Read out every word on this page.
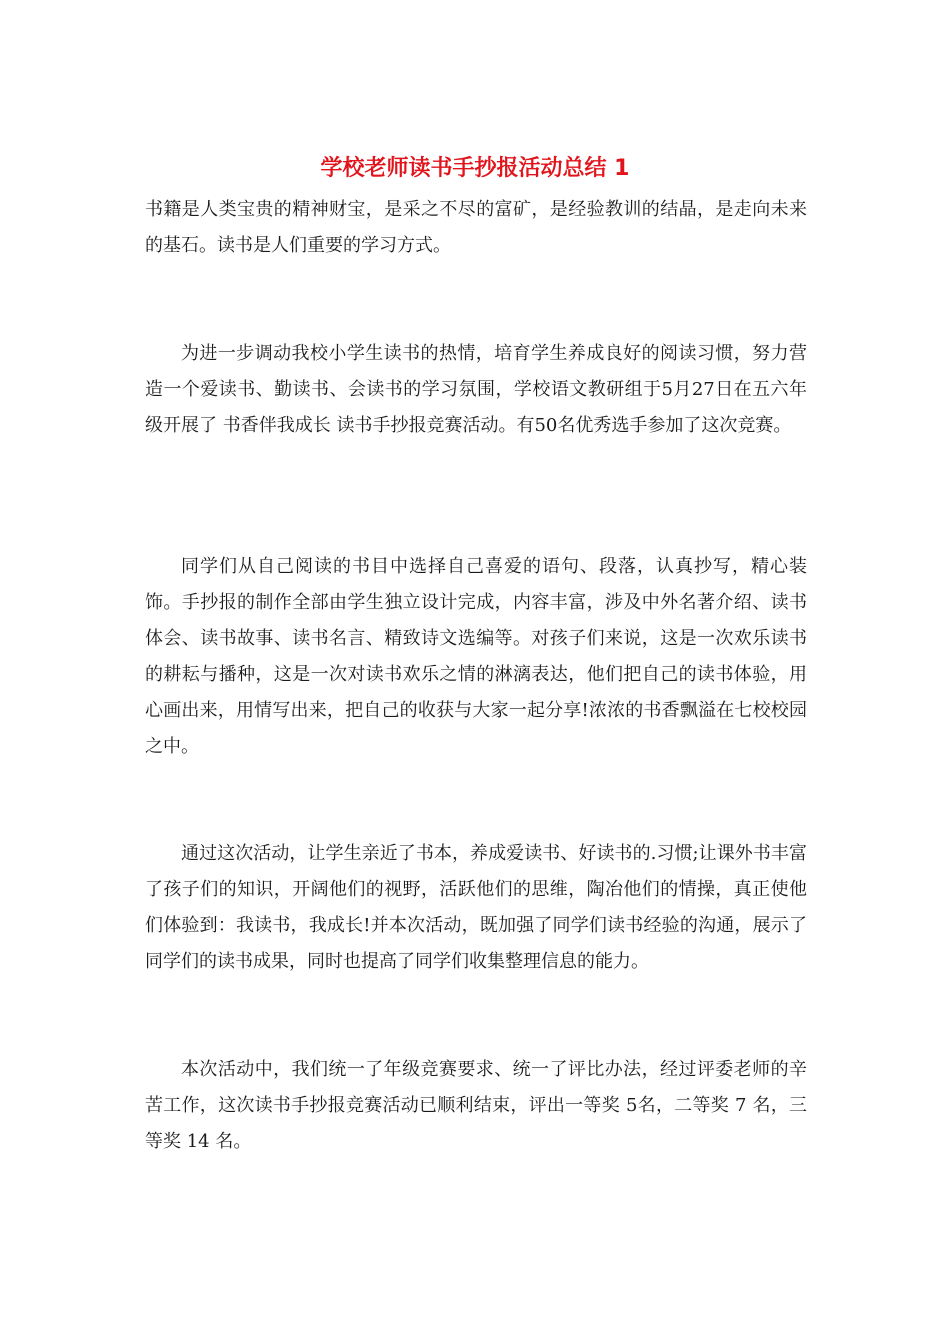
学校老师读书手抄报活动总结 1

书籍是人类宝贵的精神财宝，是采之不尽的富矿，是经验教训的结晶，是走向未来的基石。读书是人们重要的学习方式。

为进一步调动我校小学生读书的热情，培育学生养成良好的阅读习惯，努力营造一个爱读书、勤读书、会读书的学习氛围，学校语文教研组于5月27日在五六年级开展了 书香伴我成长 读书手抄报竞赛活动。有50名优秀选手参加了这次竞赛。

同学们从自己阅读的书目中选择自己喜爱的语句、段落，认真抄写，精心装饰。手抄报的制作全部由学生独立设计完成，内容丰富，涉及中外名著介绍、读书体会、读书故事、读书名言、精致诗文选编等。对孩子们来说，这是一次欢乐读书的耕耘与播种，这是一次对读书欢乐之情的淋漓表达，他们把自己的读书体验，用心画出来，用情写出来，把自己的收获与大家一起分享!浓浓的书香飘溢在七校校园之中。

通过这次活动，让学生亲近了书本，养成爱读书、好读书的.习惯;让课外书丰富了孩子们的知识，开阔他们的视野，活跃他们的思维，陶冶他们的情操，真正使他们体验到：我读书，我成长!并本次活动，既加强了同学们读书经验的沟通，展示了同学们的读书成果，同时也提高了同学们收集整理信息的能力。

本次活动中，我们统一了年级竞赛要求、统一了评比办法，经过评委老师的辛苦工作，这次读书手抄报竞赛活动已顺利结束，评出一等奖 5名，二等奖 7 名，三等奖 14 名。
